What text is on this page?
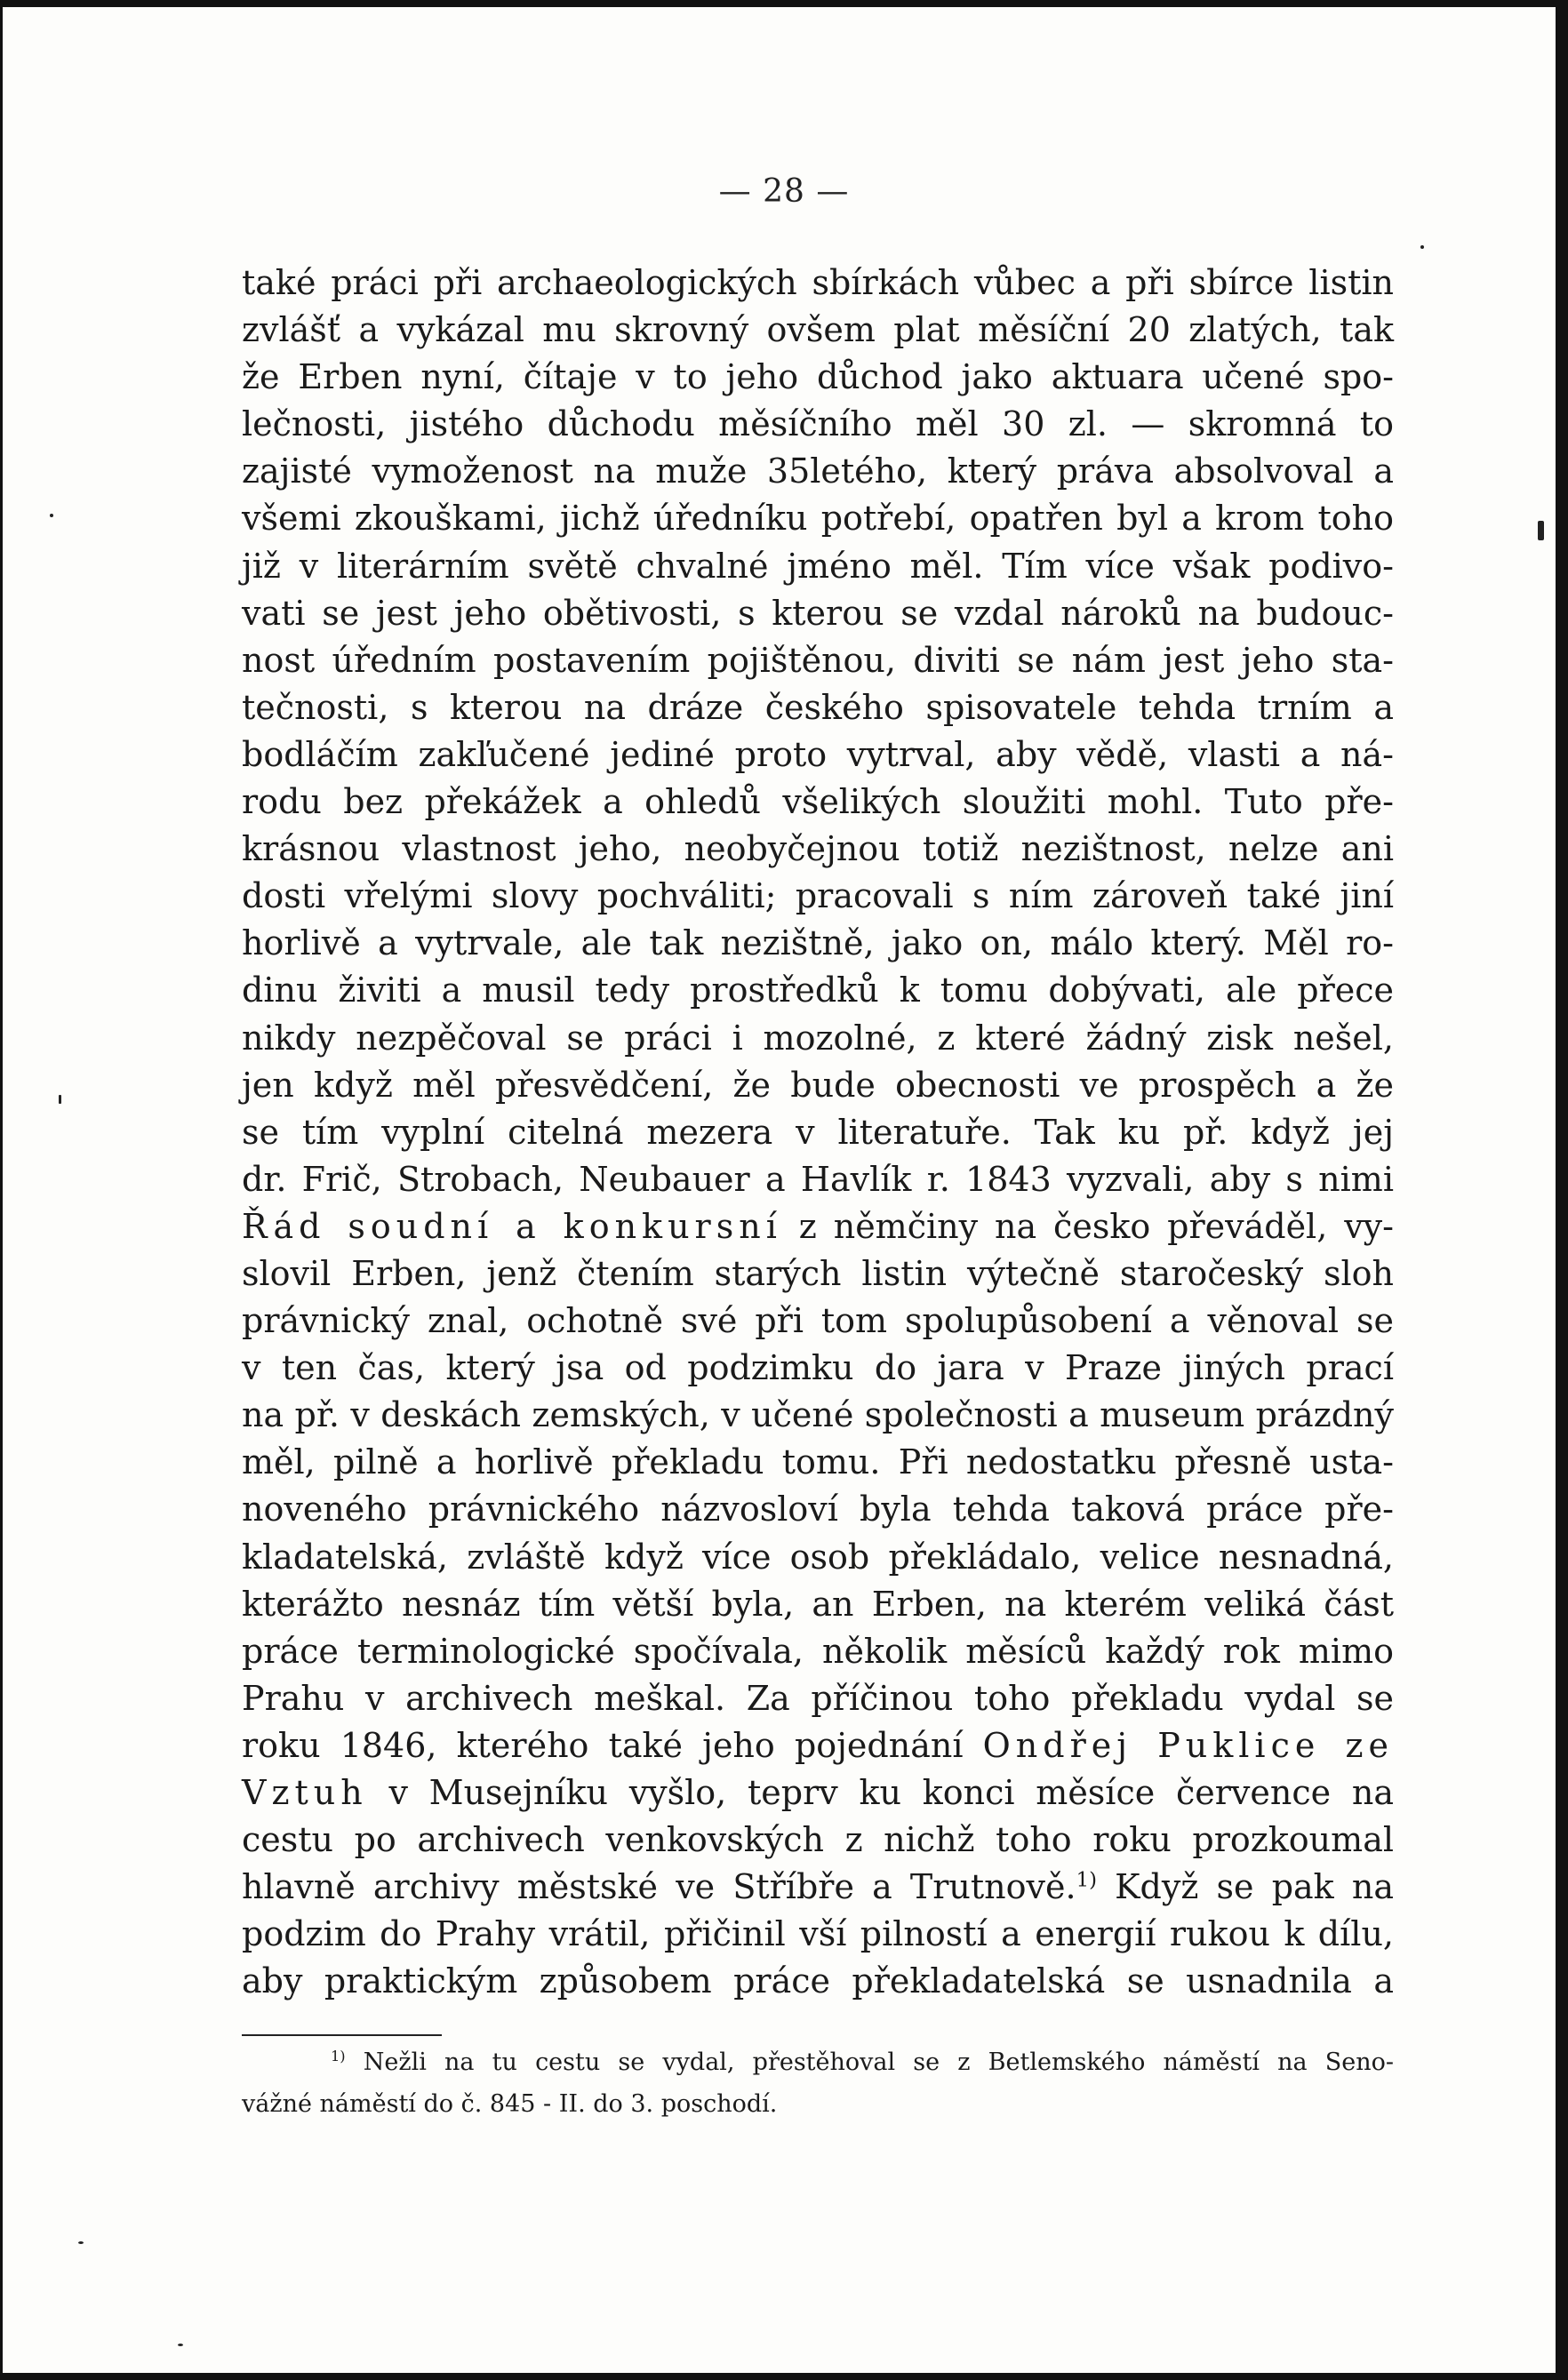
— 28 —
také práci při archaeologických sbírkách vůbec a při sbírce listin
zvlášť a vykázal mu skrovný ovšem plat měsíční 20 zlatých, tak
že Erben nyní, čítaje v to jeho důchod jako aktuara učené spo-
lečnosti, jistého důchodu měsíčního měl 30 zl. — skromná to
zajisté vymoženost na muže 35letého, který práva absolvoval a
všemi zkouškami, jichž úředníku potřebí, opatřen byl a krom toho
již v literárním světě chvalné jméno měl. Tím více však podivo-
vati se jest jeho obětivosti, s kterou se vzdal nároků na budouc-
nost úředním postavením pojištěnou, diviti se nám jest jeho sta-
tečnosti, s kterou na dráze českého spisovatele tehda trním a
bodláčím zakľučené jediné proto vytrval, aby vědě, vlasti a ná-
rodu bez překážek a ohledů všelikých sloužiti mohl. Tuto pře-
krásnou vlastnost jeho, neobyčejnou totiž nezištnost, nelze ani
dosti vřelými slovy pochváliti; pracovali s ním zároveň také jiní
horlivě a vytrvale, ale tak nezištně, jako on, málo který. Měl ro-
dinu živiti a musil tedy prostředků k tomu dobývati, ale přece
nikdy nezpěčoval se práci i mozolné, z které žádný zisk nešel,
jen když měl přesvědčení, že bude obecnosti ve prospěch a že
se tím vyplní citelná mezera v literatuře. Tak ku př. když jej
dr. Frič, Strobach, Neubauer a Havlík r. 1843 vyzvali, aby s nimi
Řád soudní a konkursní z němčiny na česko převáděl, vy-
slovil Erben, jenž čtením starých listin výtečně staročeský sloh
právnický znal, ochotně své při tom spolupůsobení a věnoval se
v ten čas, který jsa od podzimku do jara v Praze jiných prací
na př. v deskách zemských, v učené společnosti a museum prázdný
měl, pilně a horlivě překladu tomu. Při nedostatku přesně usta-
noveného právnického názvosloví byla tehda taková práce pře-
kladatelská, zvláště když více osob překládalo, velice nesnadná,
kterážto nesnáz tím větší byla, an Erben, na kterém veliká část
práce terminologické spočívala, několik měsíců každý rok mimo
Prahu v archivech meškal. Za příčinou toho překladu vydal se
roku 1846, kterého také jeho pojednání Ondřej Puklice ze
Vztuh v Musejníku vyšlo, teprv ku konci měsíce července na
cestu po archivech venkovských z nichž toho roku prozkoumal
hlavně archivy městské ve Stříbře a Trutnově.$^{1)}$ Když se pak na
podzim do Prahy vrátil, přičinil vší pilností a energií rukou k dílu,
aby praktickým způsobem práce překladatelská se usnadnila a
$^{1)}$ Nežli na tu cestu se vydal, přestěhoval se z Betlemského náměstí na Seno-
vážné náměstí do č. 845 - II. do 3. poschodí.
